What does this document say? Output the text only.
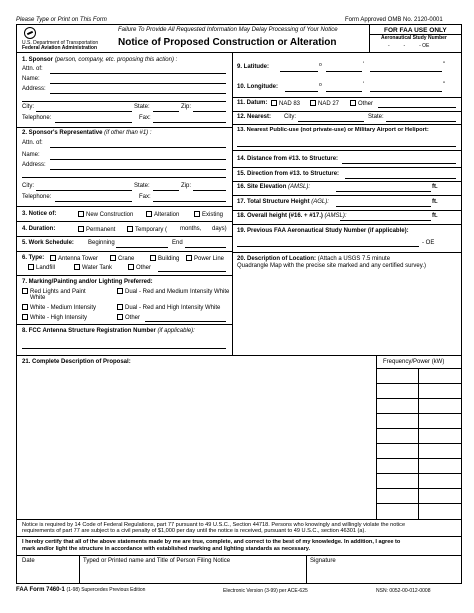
Please Type or Print on This Form	Form Approved OMB No. 2120-0001
U.S. Department of Transportation
Federal Aviation Administration
Failure To Provide All Requested Information May Delay Processing of Your Notice
Notice of Proposed Construction or Alteration
FOR FAA USE ONLY
Aeronautical Study Number
-          -          - OE
1. Sponsor (person, company, etc. proposing this action) :
Attn. of:
Name:
Address:
City:	State:	Zip:
Telephone:	Fax:
2. Sponsor's Representative (if other than #1) :
Attn. of:
Name:
Address:
City:	State:	Zip:
Telephone:	Fax:
3. Notice of:	New Construction	Alteration	Existing
4. Duration:	Permanent	Temporary ( months, days)
5. Work Schedule: Beginning	End
6. Type:	Antenna Tower	Crane	Building	Power Line
Landfill	Water Tank	Other
7. Marking/Painting and/or Lighting Preferred:
Red Lights and Paint
White
Dual - Red and Medium Intensity White
White - Medium Intensity	Dual - Red and High Intensity White
White - High Intensity	Other
8. FCC Antenna Structure Registration Number (if applicable):
9. Latitude:	o	'	"
10. Longitude:	o	'	"
11. Datum:	NAD 83	NAD 27	Other
12. Nearest: City:	State:
13. Nearest Public-use (not private-use) or Military Airport or Heliport:
14. Distance from #13. to Structure:
15. Direction from #13. to Structure:
16. Site Elevation (AMSL):	ft.
17. Total Structure Height (AGL):	ft.
18. Overall height (#16. + #17.) (AMSL):	ft.
19. Previous FAA Aeronautical Study Number (if applicable):
- OE
20. Description of Location: (Attach a USGS 7.5 minute
Quadrangle Map with the precise site marked and any certified survey.)
21. Complete Description of Proposal:	Frequency/Power (kW)
Notice is required by 14 Code of Federal Regulations, part 77 pursuant to 49 U.S.C., Section 44718. Persons who knowingly and willingly violate the notice
requirements of part 77 are subject to a civil penalty of $1,000 per day until the notice is received, pursuant to 49 U.S.C., section 46301 (a).
I hereby certify that all of the above statements made by me are true, complete, and correct to the best of my knowledge. In addition, I agree to
mark and/or light the structure in accordance with established marking and lighting standards as necessary.
Date	Typed or Printed name and Title of Person Filing Notice	Signature
FAA Form 7460-1 (1-98) Supercedes Previous Edition	Electronic Version (3-99) per ACE-625	NSN: 0052-00-012-0008
